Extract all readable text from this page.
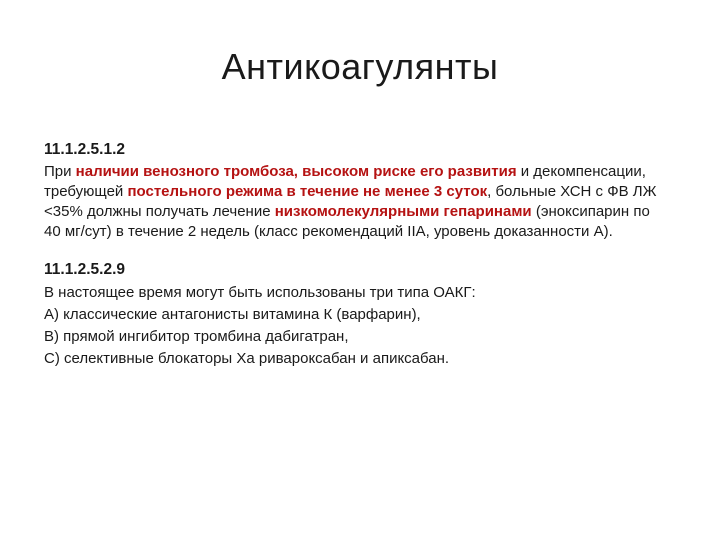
Антикоагулянты
11.1.2.5.1.2

При наличии венозного тромбоза, высоком риске его развития и декомпенсации, требующей постельного режима в течение не менее 3 суток, больные ХСН с ФВ ЛЖ <35% должны получать лечение низкомолекулярными гепаринами (эноксипарин по 40 мг/сут) в течение 2 недель (класс рекомендаций IIA, уровень доказанности А).

11.1.2.5.2.9
В настоящее время могут быть использованы три типа ОАКГ:
А) классические антагонисты витамина К (варфарин),
В) прямой ингибитор тромбина дабигатран,
С) селективные блокаторы Ха ривароксабан и апиксабан.
